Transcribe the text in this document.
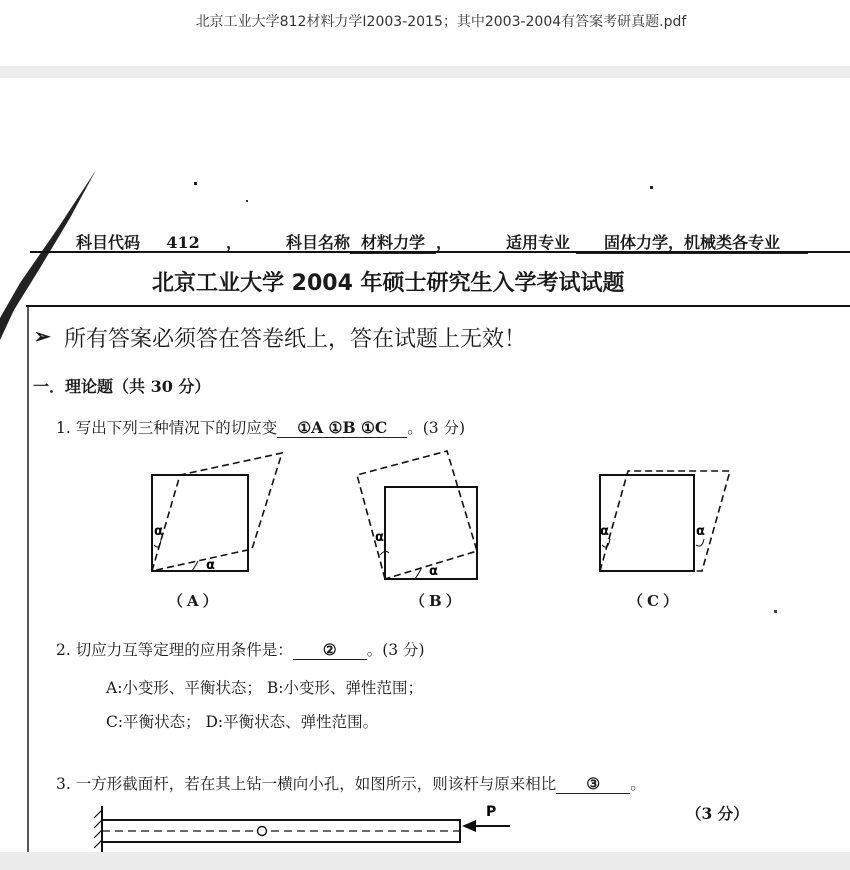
北京工业大学812材料力学I2003-2015；其中2003-2004有答案考研真题.pdf
科目代码 412 ，	科目名称 材料力学 ，	适用专业 固体力学，机械类各专业
北京工业大学 2004 年硕士研究生入学考试试题
➢ 所有答案必须答在答卷纸上，答在试题上无效！
一．理论题（共 30 分）
1. 写出下列三种情况下的切应变 ①A ①B ①C 。(3 分)
α
α
α
α
α	α
（A）	（B）	（C）
2. 切应力互等定理的应用条件是： ② 。(3 分)
A:小变形、平衡状态； B:小变形、弹性范围；
C:平衡状态； D:平衡状态、弹性范围。
3. 一方形截面杆，若在其上钻一横向小孔，如图所示，则该杆与原来相比 ③ 。
（3 分）
P
